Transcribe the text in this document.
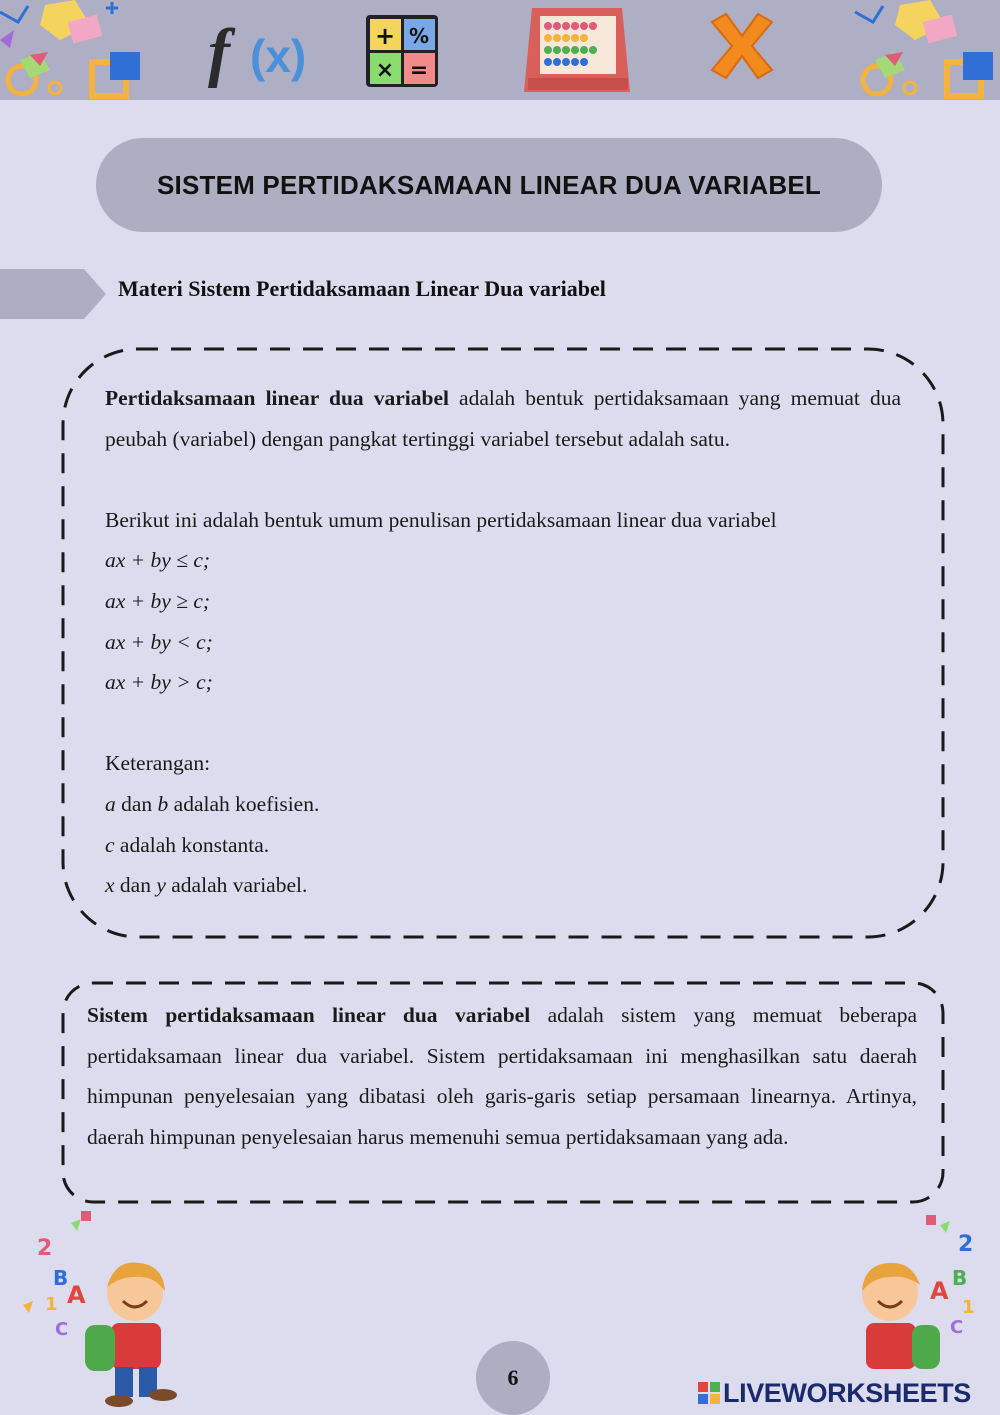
f (x)	+ %
× =
SISTEM PERTIDAKSAMAAN LINEAR DUA VARIABEL
Materi Sistem Pertidaksamaan Linear Dua variabel

Pertidaksamaan linear dua variabel adalah bentuk pertidaksamaan yang memuat dua peubah (variabel) dengan pangkat tertinggi variabel tersebut adalah satu.

Berikut ini adalah bentuk umum penulisan pertidaksamaan linear dua variabel

ax + by ≤ c;

ax + by ≥ c;

ax + by < c;

ax + by > c;

Keterangan:

a dan b adalah koefisien.

c adalah konstanta.

x dan y adalah variabel.

Sistem pertidaksamaan linear dua variabel adalah sistem yang memuat beberapa pertidaksamaan linear dua variabel. Sistem pertidaksamaan ini menghasilkan satu daerah himpunan penyelesaian yang dibatasi oleh garis-garis setiap persamaan linearnya. Artinya, daerah himpunan penyelesaian harus memenuhi semua pertidaksamaan yang ada.

2
B
1 A
C
2
B
A
1
C
6	LIVEWORKSHEETS
